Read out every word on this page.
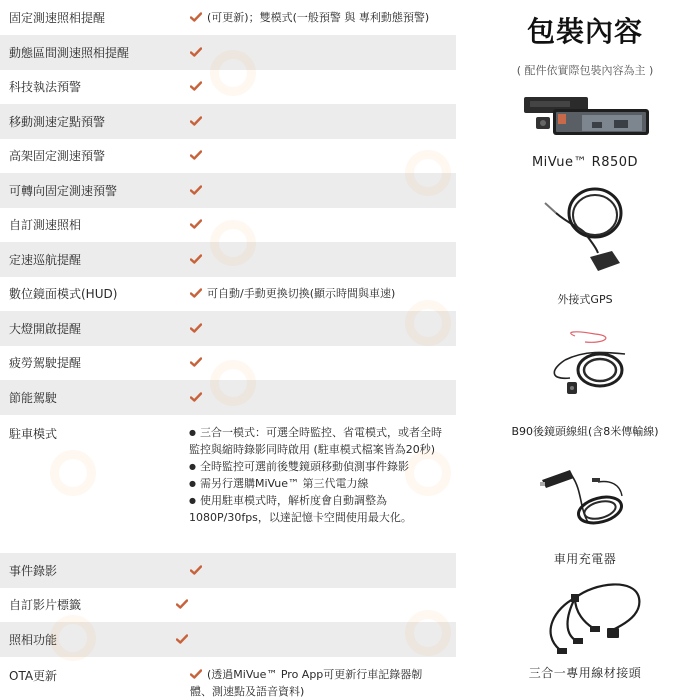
固定測速照相提醒	(可更新)；雙模式(一般預警 與 專利動態預警)
動態區間測速照相提醒
科技執法預警
移動測速定點預警
高架固定測速預警
可轉向固定測速預警
自訂測速照相
定速巡航提醒
數位鏡面模式(HUD)	可自動/手動更換切換(顯示時間與車速)
大燈開啟提醒
疲勞駕駛提醒
節能駕駛
駐車模式	● 三合一模式：可選全時監控、省電模式，或者全時監控與縮時錄影同時啟用 (駐車模式檔案皆為20秒)
● 全時監控可選前後雙鏡頭移動偵測事件錄影
● 需另行選購MiVue™ 第三代電力線
● 使用駐車模式時，解析度會自動調整為1080P/30fps，以達記憶卡空間使用最大化。
事件錄影
自訂影片標籤
照相功能
OTA更新	(透過MiVue™ Pro App可更新行車記錄器韌體、測速點及語音資料)
包裝內容
( 配件依實際包裝內容為主 )
MiVue™ R850D
外接式GPS
B90後鏡頭線組(含8米傳輸線)
車用充電器
三合一專用線材接頭
